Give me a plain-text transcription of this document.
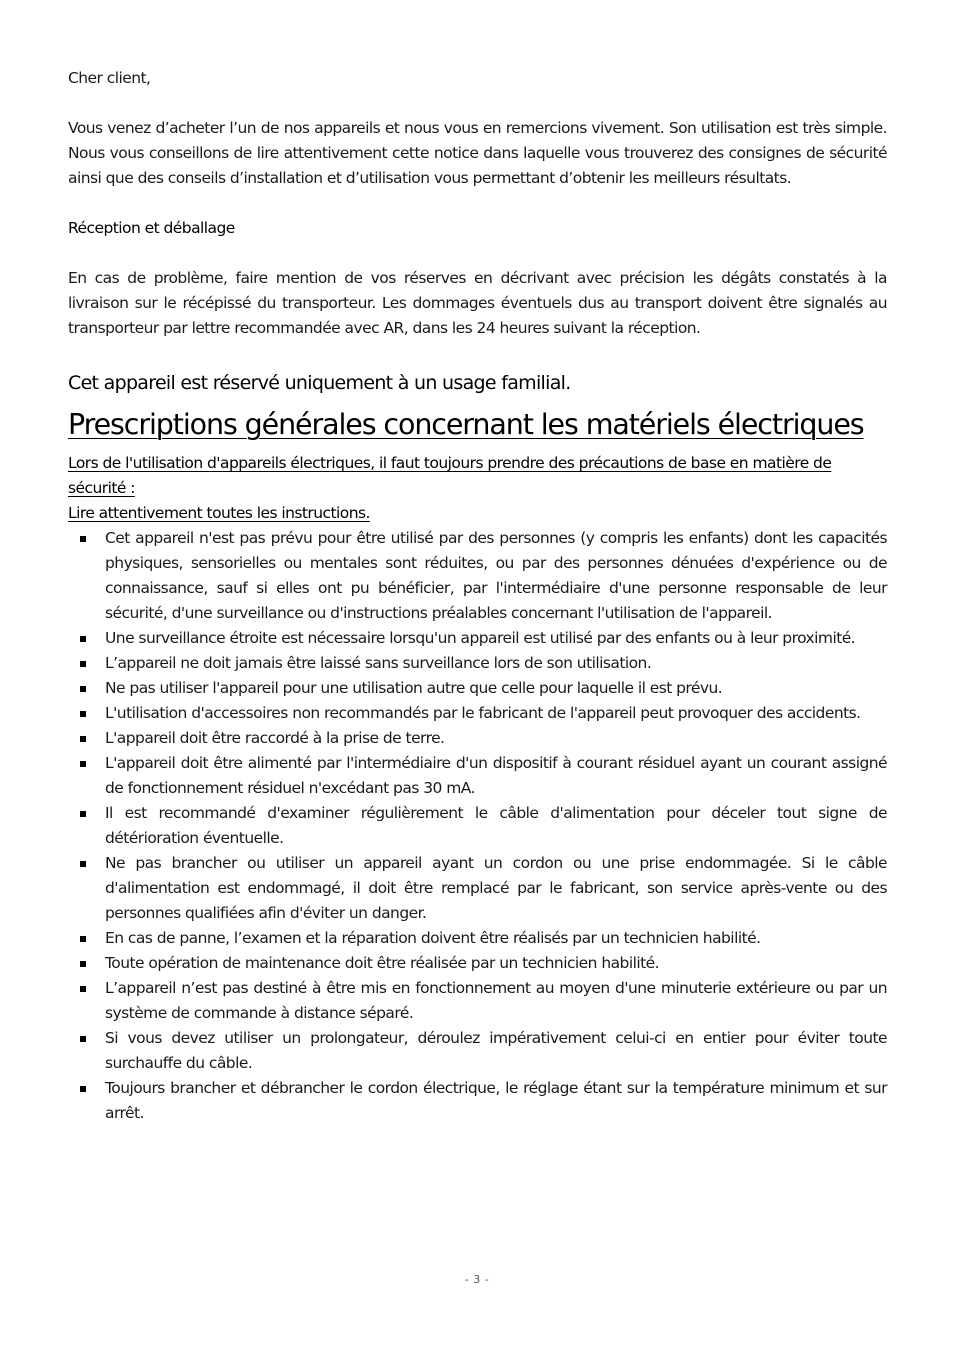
Cher client,

Vous venez d’acheter l’un de nos appareils et nous vous en remercions vivement. Son utilisation est très simple. Nous vous conseillons de lire attentivement cette notice dans laquelle vous trouverez des consignes de sécurité ainsi que des conseils d’installation et d’utilisation vous permettant d’obtenir les meilleurs résultats.

Réception et déballage

En cas de problème, faire mention de vos réserves en décrivant avec précision les dégâts constatés à la livraison sur le récépissé du transporteur. Les dommages éventuels dus au transport doivent être signalés au transporteur par lettre recommandée avec AR, dans les 24 heures suivant la réception.

Cet appareil est réservé uniquement à un usage familial.

Prescriptions générales concernant les matériels électriques

Lors de l'utilisation d'appareils électriques, il faut toujours prendre des précautions de base en matière de sécurité :

Lire attentivement toutes les instructions.

Cet appareil n'est pas prévu pour être utilisé par des personnes (y compris les enfants) dont les capacités physiques, sensorielles ou mentales sont réduites, ou par des personnes dénuées d'expérience ou de connaissance, sauf si elles ont pu bénéficier, par l'intermédiaire d'une personne responsable de leur sécurité, d'une surveillance ou d'instructions préalables concernant l'utilisation de l'appareil.
Une surveillance étroite est nécessaire lorsqu'un appareil est utilisé par des enfants ou à leur proximité.
L’appareil ne doit jamais être laissé sans surveillance lors de son utilisation.
Ne pas utiliser l'appareil pour une utilisation autre que celle pour laquelle il est prévu.
L'utilisation d'accessoires non recommandés par le fabricant de l'appareil peut provoquer des accidents.
L'appareil doit être raccordé à la prise de terre.
L'appareil doit être alimenté par l'intermédiaire d'un dispositif à courant résiduel ayant un courant assigné de fonctionnement résiduel n'excédant pas 30 mA.
Il est recommandé d'examiner régulièrement le câble d'alimentation pour déceler tout signe de détérioration éventuelle.
Ne pas brancher ou utiliser un appareil ayant un cordon ou une prise endommagée. Si le câble d'alimentation est endommagé, il doit être remplacé par le fabricant, son service après-vente ou des personnes qualifiées afin d'éviter un danger.
En cas de panne, l’examen et la réparation doivent être réalisés par un technicien habilité.
Toute opération de maintenance doit être réalisée par un technicien habilité.
L’appareil n’est pas destiné à être mis en fonctionnement au moyen d'une minuterie extérieure ou par un système de commande à distance séparé.
Si vous devez utiliser un prolongateur, déroulez impérativement celui-ci en entier pour éviter toute surchauffe du câble.
Toujours brancher et débrancher le cordon électrique, le réglage étant sur la température minimum et sur arrêt.
- 3 -
